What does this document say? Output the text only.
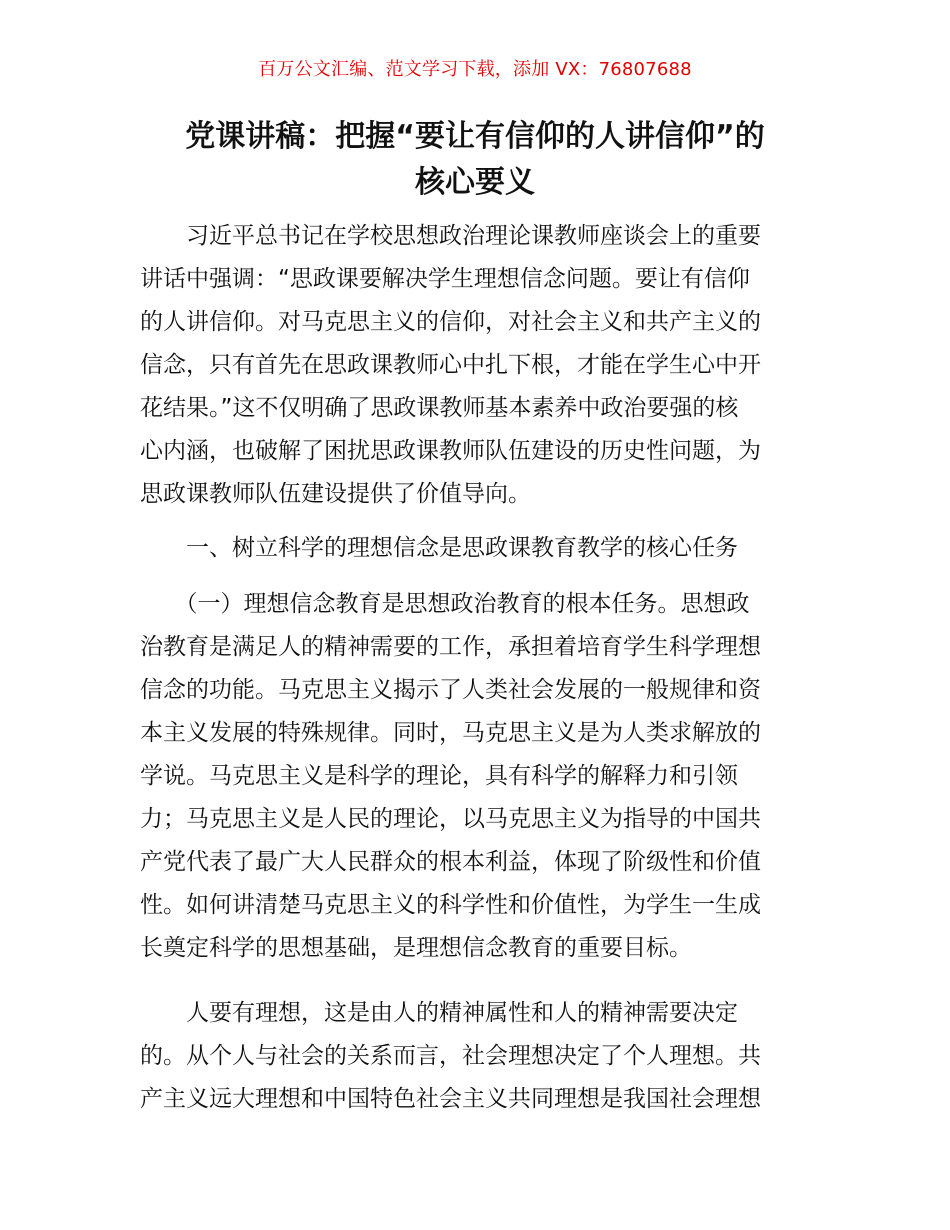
百万公文汇编、范文学习下载，添加 VX：76807688
党课讲稿：把握“要让有信仰的人讲信仰”的
核心要义
　　习近平总书记在学校思想政治理论课教师座谈会上的重要
讲话中强调：“思政课要解决学生理想信念问题。要让有信仰
的人讲信仰。对马克思主义的信仰，对社会主义和共产主义的
信念，只有首先在思政课教师心中扎下根，才能在学生心中开
花结果。”这不仅明确了思政课教师基本素养中政治要强的核
心内涵，也破解了困扰思政课教师队伍建设的历史性问题，为
思政课教师队伍建设提供了价值导向。
　　一、树立科学的理想信念是思政课教育教学的核心任务
　　（一）理想信念教育是思想政治教育的根本任务。思想政
治教育是满足人的精神需要的工作，承担着培育学生科学理想
信念的功能。马克思主义揭示了人类社会发展的一般规律和资
本主义发展的特殊规律。同时，马克思主义是为人类求解放的
学说。马克思主义是科学的理论，具有科学的解释力和引领
力；马克思主义是人民的理论，以马克思主义为指导的中国共
产党代表了最广大人民群众的根本利益，体现了阶级性和价值
性。如何讲清楚马克思主义的科学性和价值性，为学生一生成
长奠定科学的思想基础，是理想信念教育的重要目标。
　　人要有理想，这是由人的精神属性和人的精神需要决定
的。从个人与社会的关系而言，社会理想决定了个人理想。共
产主义远大理想和中国特色社会主义共同理想是我国社会理想
